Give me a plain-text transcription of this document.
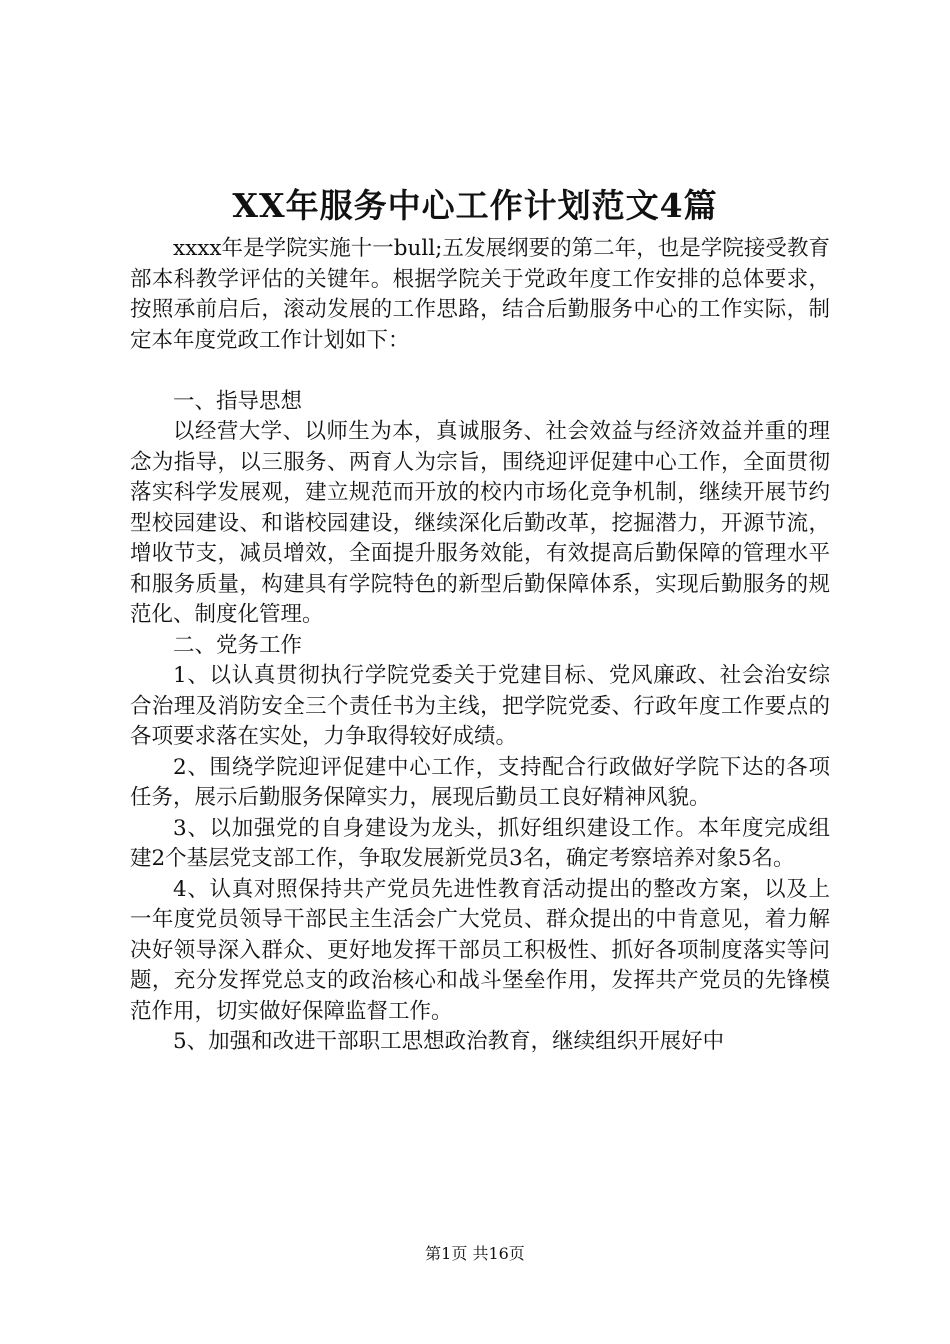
XX年服务中心工作计划范文4篇

xxxx年是学院实施十一bull;五发展纲要的第二年，也是学院接受教育部本科教学评估的关键年。根据学院关于党政年度工作安排的总体要求，按照承前启后，滚动发展的工作思路，结合后勤服务中心的工作实际，制定本年度党政工作计划如下：

一、指导思想

以经营大学、以师生为本，真诚服务、社会效益与经济效益并重的理念为指导，以三服务、两育人为宗旨，围绕迎评促建中心工作，全面贯彻落实科学发展观，建立规范而开放的校内市场化竞争机制，继续开展节约型校园建设、和谐校园建设，继续深化后勤改革，挖掘潜力，开源节流，增收节支，减员增效，全面提升服务效能，有效提高后勤保障的管理水平和服务质量，构建具有学院特色的新型后勤保障体系，实现后勤服务的规范化、制度化管理。

二、党务工作

1、以认真贯彻执行学院党委关于党建目标、党风廉政、社会治安综合治理及消防安全三个责任书为主线，把学院党委、行政年度工作要点的各项要求落在实处，力争取得较好成绩。

2、围绕学院迎评促建中心工作，支持配合行政做好学院下达的各项任务，展示后勤服务保障实力，展现后勤员工良好精神风貌。

3、以加强党的自身建设为龙头，抓好组织建设工作。本年度完成组建2个基层党支部工作，争取发展新党员3名，确定考察培养对象5名。

4、认真对照保持共产党员先进性教育活动提出的整改方案，以及上一年度党员领导干部民主生活会广大党员、群众提出的中肯意见，着力解决好领导深入群众、更好地发挥干部员工积极性、抓好各项制度落实等问题，充分发挥党总支的政治核心和战斗堡垒作用，发挥共产党员的先锋模范作用，切实做好保障监督工作。

5、加强和改进干部职工思想政治教育，继续组织开展好中

第1页 共16页
